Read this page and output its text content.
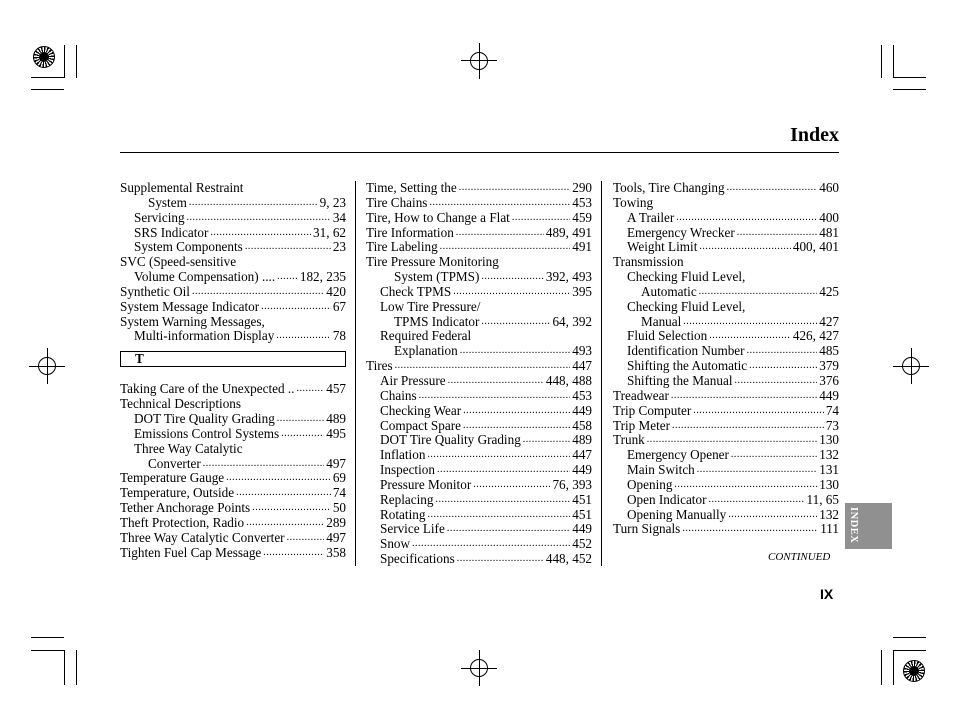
Index
Supplemental Restraint
System .....	9, 23
Servicing .....	34
SRS Indicator .....	31, 62
System Components .....	23
SVC (Speed-sensitive
Volume Compensation) .... ..... 182, 235
Synthetic Oil .....	420
System Message Indicator .....	67
System Warning Messages,
Multi-information Display .....	78
T
Taking Care of the Unexpected .. ..... 457
Technical Descriptions
DOT Tire Quality Grading .....	489
Emissions Control Systems .....	495
Three Way Catalytic
Converter .....	497
Temperature Gauge .....	69
Temperature, Outside .....	74
Tether Anchorage Points .....	50
Theft Protection, Radio .....	289
Three Way Catalytic Converter .....	497
Tighten Fuel Cap Message .....	358
Time, Setting the .....	290
Tire Chains .....	453
Tire, How to Change a Flat .....	459
Tire Information .....	489, 491
Tire Labeling .....	491
Tire Pressure Monitoring
System (TPMS) .....	392, 493
Check TPMS .....	395
Low Tire Pressure/
TPMS Indicator .....	64, 392
Required Federal
Explanation .....	493
Tires .....	447
Air Pressure .....	448, 488
Chains .....	453
Checking Wear .....	449
Compact Spare .....	458
DOT Tire Quality Grading .....	489
Inflation .....	447
Inspection .....	449
Pressure Monitor .....	76, 393
Replacing .....	451
Rotating .....	451
Service Life .....	449
Snow .....	452
Specifications .....	448, 452
Tools, Tire Changing .....	460
Towing
A Trailer .....	400
Emergency Wrecker .....	481
Weight Limit .....	400, 401
Transmission
Checking Fluid Level,
Automatic .....	425
Checking Fluid Level,
Manual .....	427
Fluid Selection .....	426, 427
Identification Number .....	485
Shifting the Automatic .....	379
Shifting the Manual .....	376
Treadwear .....	449
Trip Computer .....	74
Trip Meter .....	73
Trunk .....	130
Emergency Opener .....	132
Main Switch .....	131
Opening .....	130
Open Indicator .....	11, 65
Opening Manually .....	132
Turn Signals .....	111
CONTINUED
IX
INDEX
